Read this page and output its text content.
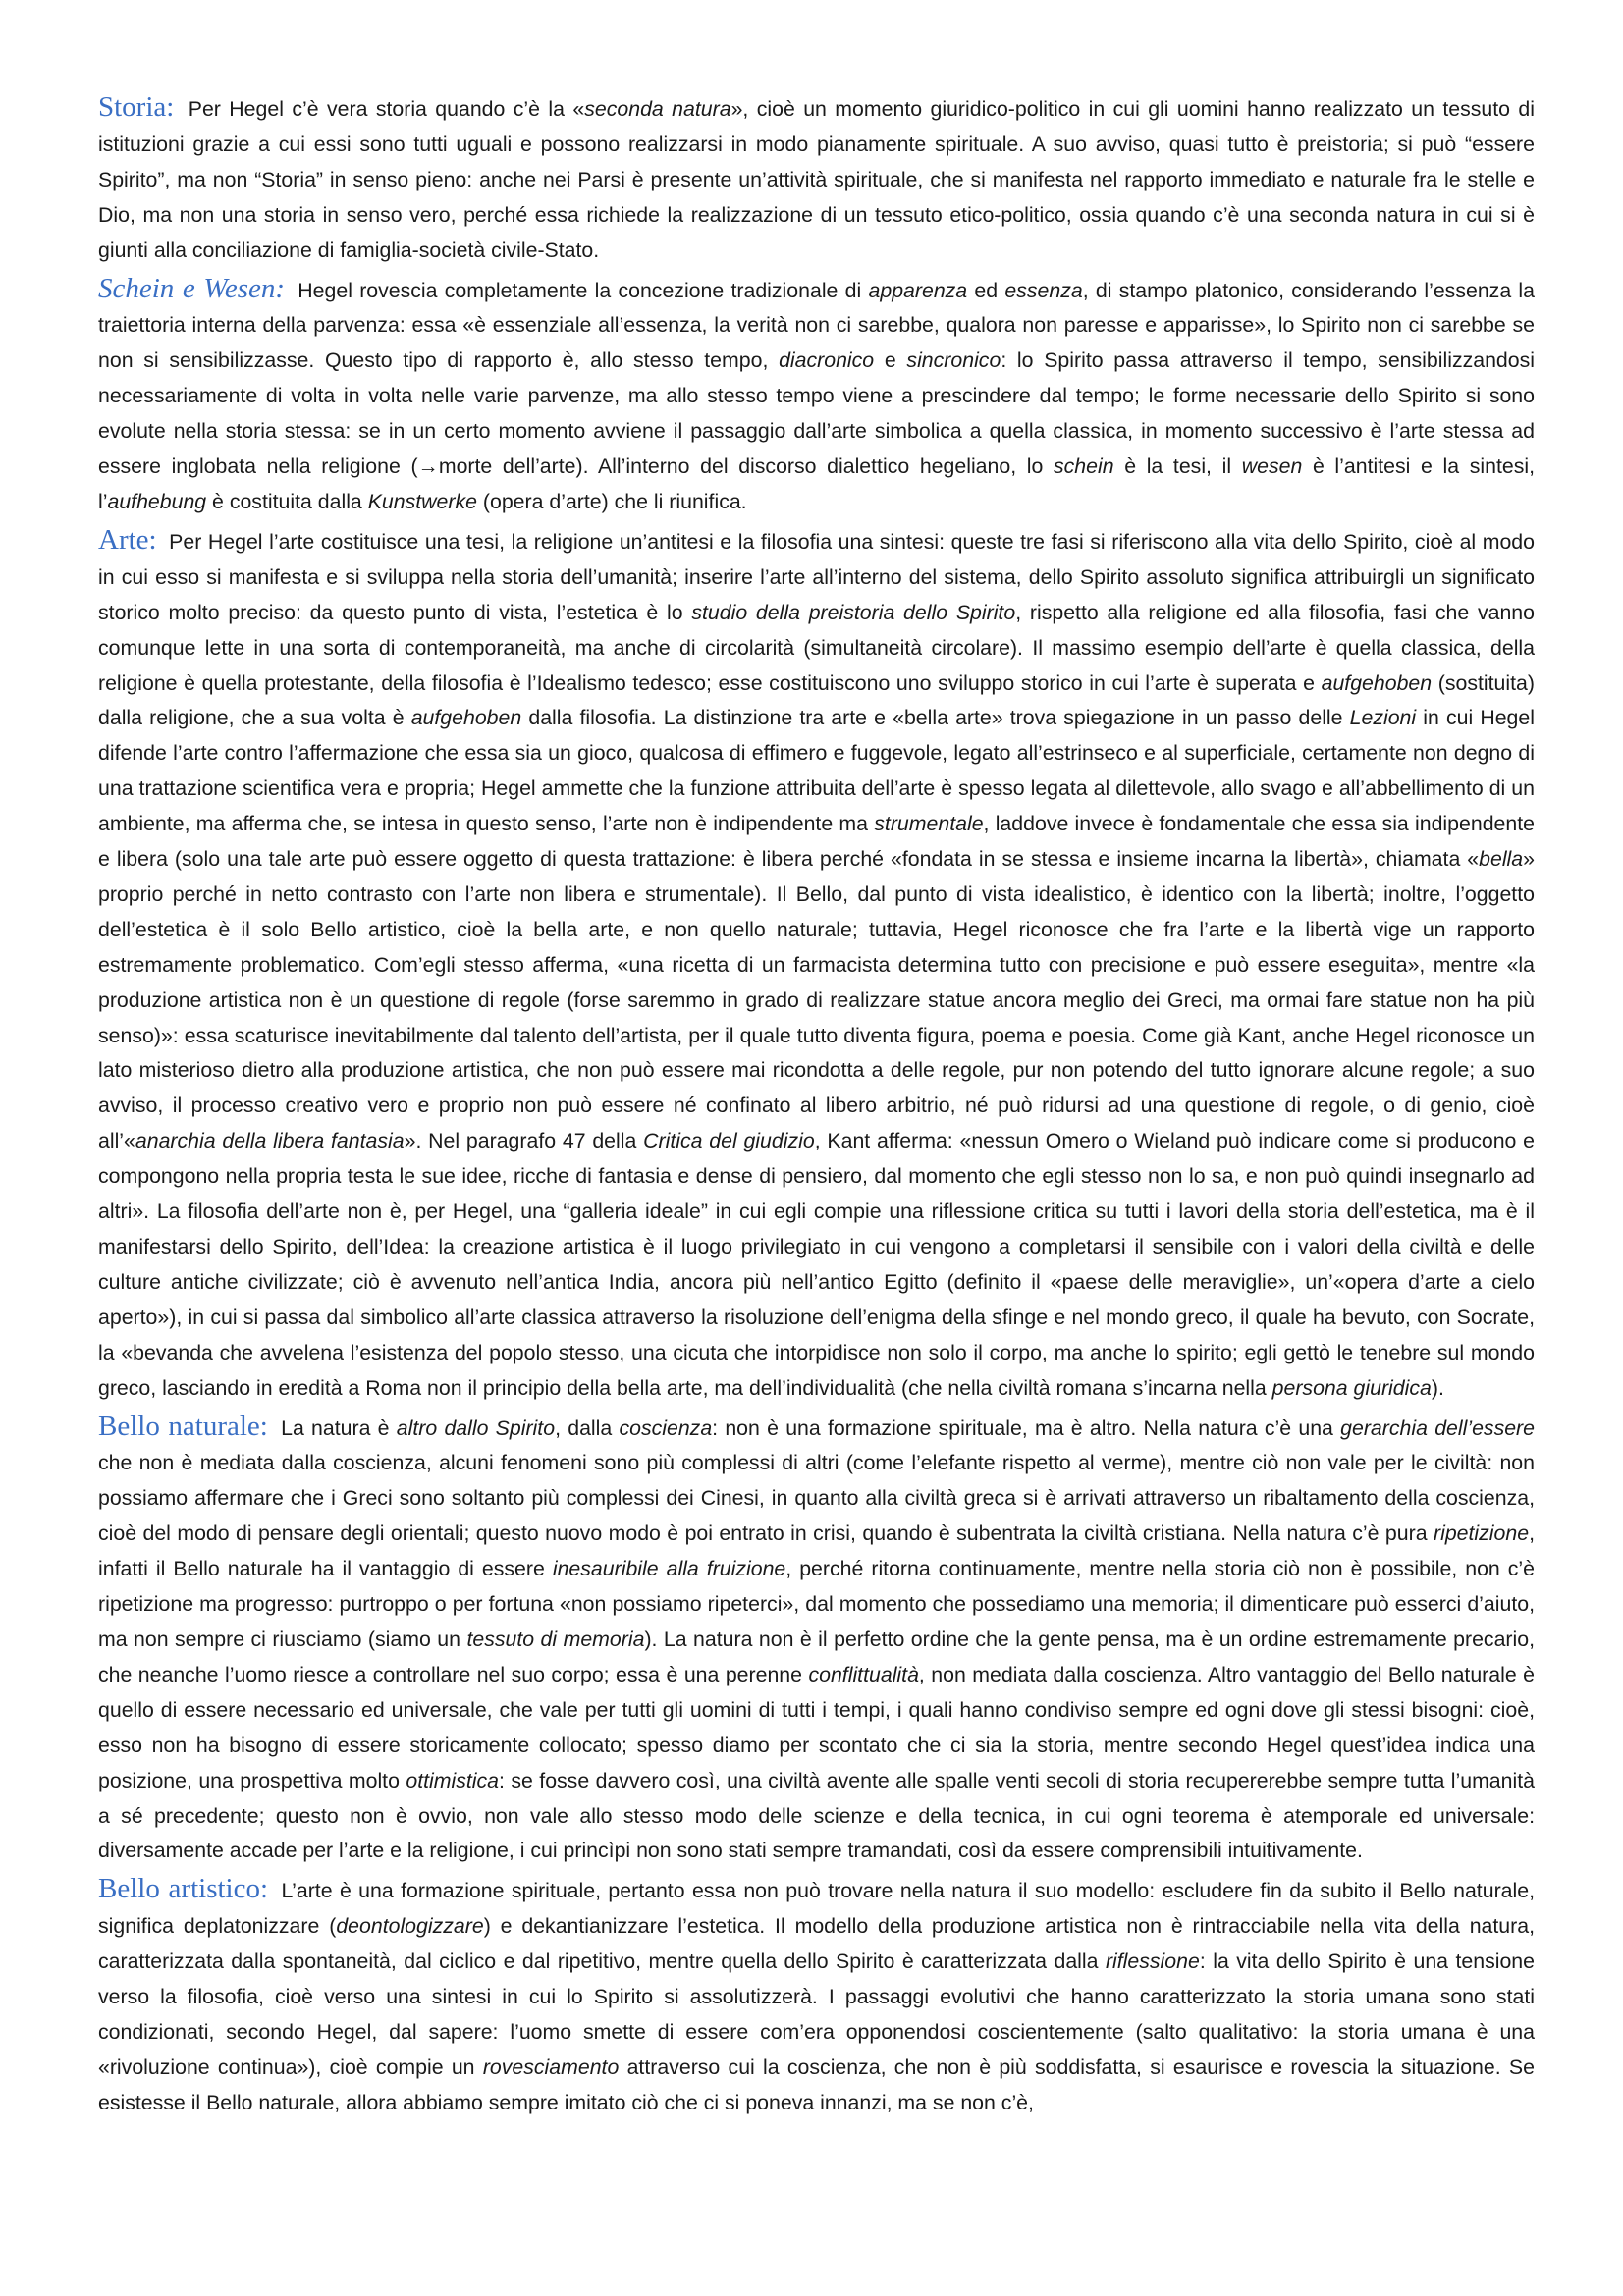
Storia: Per Hegel c’è vera storia quando c’è la «seconda natura», cioè un momento giuridico-politico in cui gli uomini hanno realizzato un tessuto di istituzioni grazie a cui essi sono tutti uguali e possono realizzarsi in modo pianamente spirituale. A suo avviso, quasi tutto è preistoria; si può “essere Spirito”, ma non “Storia” in senso pieno: anche nei Parsi è presente un’attività spirituale, che si manifesta nel rapporto immediato e naturale fra le stelle e Dio, ma non una storia in senso vero, perché essa richiede la realizzazione di un tessuto etico-politico, ossia quando c’è una seconda natura in cui si è giunti alla conciliazione di famiglia-società civile-Stato.

Schein e Wesen: Hegel rovescia completamente la concezione tradizionale di apparenza ed essenza, di stampo platonico, considerando l’essenza la traiettoria interna della parvenza: essa «è essenziale all’essenza, la verità non ci sarebbe, qualora non paresse e apparisse», lo Spirito non ci sarebbe se non si sensibilizzasse. Questo tipo di rapporto è, allo stesso tempo, diacronico e sincronico: lo Spirito passa attraverso il tempo, sensibilizzandosi necessariamente di volta in volta nelle varie parvenze, ma allo stesso tempo viene a prescindere dal tempo; le forme necessarie dello Spirito si sono evolute nella storia stessa: se in un certo momento avviene il passaggio dall’arte simbolica a quella classica, in momento successivo è l’arte stessa ad essere inglobata nella religione (→morte dell’arte). All’interno del discorso dialettico hegeliano, lo schein è la tesi, il wesen è l’antitesi e la sintesi, l’aufhebung è costituita dalla Kunstwerke (opera d’arte) che li riunifica.

Arte: Per Hegel l’arte costituisce una tesi, la religione un’antitesi e la filosofia una sintesi: queste tre fasi si riferiscono alla vita dello Spirito, cioè al modo in cui esso si manifesta e si sviluppa nella storia dell’umanità; inserire l’arte all’interno del sistema, dello Spirito assoluto significa attribuirgli un significato storico molto preciso: da questo punto di vista, l’estetica è lo studio della preistoria dello Spirito, rispetto alla religione ed alla filosofia, fasi che vanno comunque lette in una sorta di contemporaneità, ma anche di circolarità (simultaneità circolare). Il massimo esempio dell’arte è quella classica, della religione è quella protestante, della filosofia è l’Idealismo tedesco; esse costituiscono uno sviluppo storico in cui l’arte è superata e aufgehoben (sostituita) dalla religione, che a sua volta è aufgehoben dalla filosofia. La distinzione tra arte e «bella arte» trova spiegazione in un passo delle Lezioni in cui Hegel difende l’arte contro l’affermazione che essa sia un gioco, qualcosa di effimero e fuggevole, legato all’estrinseco e al superficiale, certamente non degno di una trattazione scientifica vera e propria; Hegel ammette che la funzione attribuita dell’arte è spesso legata al dilettevole, allo svago e all’abbellimento di un ambiente, ma afferma che, se intesa in questo senso, l’arte non è indipendente ma strumentale, laddove invece è fondamentale che essa sia indipendente e libera (solo una tale arte può essere oggetto di questa trattazione: è libera perché «fondata in se stessa e insieme incarna la libertà», chiamata «bella» proprio perché in netto contrasto con l’arte non libera e strumentale). Il Bello, dal punto di vista idealistico, è identico con la libertà; inoltre, l’oggetto dell’estetica è il solo Bello artistico, cioè la bella arte, e non quello naturale; tuttavia, Hegel riconosce che fra l’arte e la libertà vige un rapporto estremamente problematico. Com’egli stesso afferma, «una ricetta di un farmacista determina tutto con precisione e può essere eseguita», mentre «la produzione artistica non è un questione di regole (forse saremmo in grado di realizzare statue ancora meglio dei Greci, ma ormai fare statue non ha più senso)»: essa scaturisce inevitabilmente dal talento dell’artista, per il quale tutto diventa figura, poema e poesia. Come già Kant, anche Hegel riconosce un lato misterioso dietro alla produzione artistica, che non può essere mai ricondotta a delle regole, pur non potendo del tutto ignorare alcune regole; a suo avviso, il processo creativo vero e proprio non può essere né confinato al libero arbitrio, né può ridursi ad una questione di regole, o di genio, cioè all’«anarchia della libera fantasia». Nel paragrafo 47 della Critica del giudizio, Kant afferma: «nessun Omero o Wieland può indicare come si producono e compongono nella propria testa le sue idee, ricche di fantasia e dense di pensiero, dal momento che egli stesso non lo sa, e non può quindi insegnarlo ad altri». La filosofia dell’arte non è, per Hegel, una “galleria ideale” in cui egli compie una riflessione critica su tutti i lavori della storia dell’estetica, ma è il manifestarsi dello Spirito, dell’Idea: la creazione artistica è il luogo privilegiato in cui vengono a completarsi il sensibile con i valori della civiltà e delle culture antiche civilizzate; ciò è avvenuto nell’antica India, ancora più nell’antico Egitto (definito il «paese delle meraviglie», un’«opera d’arte a cielo aperto»), in cui si passa dal simbolico all’arte classica attraverso la risoluzione dell’enigma della sfinge e nel mondo greco, il quale ha bevuto, con Socrate, la «bevanda che avvelena l’esistenza del popolo stesso, una cicuta che intorpidisce non solo il corpo, ma anche lo spirito; egli gettò le tenebre sul mondo greco, lasciando in eredità a Roma non il principio della bella arte, ma dell’individualità (che nella civiltà romana s’incarna nella persona giuridica).

Bello naturale: La natura è altro dallo Spirito, dalla coscienza: non è una formazione spirituale, ma è altro. Nella natura c’è una gerarchia dell’essere che non è mediata dalla coscienza, alcuni fenomeni sono più complessi di altri (come l’elefante rispetto al verme), mentre ciò non vale per le civiltà: non possiamo affermare che i Greci sono soltanto più complessi dei Cinesi, in quanto alla civiltà greca si è arrivati attraverso un ribaltamento della coscienza, cioè del modo di pensare degli orientali; questo nuovo modo è poi entrato in crisi, quando è subentrata la civiltà cristiana. Nella natura c’è pura ripetizione, infatti il Bello naturale ha il vantaggio di essere inesauribile alla fruizione, perché ritorna continuamente, mentre nella storia ciò non è possibile, non c’è ripetizione ma progresso: purtroppo o per fortuna «non possiamo ripeterci», dal momento che possediamo una memoria; il dimenticare può esserci d’aiuto, ma non sempre ci riusciamo (siamo un tessuto di memoria). La natura non è il perfetto ordine che la gente pensa, ma è un ordine estremamente precario, che neanche l’uomo riesce a controllare nel suo corpo; essa è una perenne conflittualità, non mediata dalla coscienza. Altro vantaggio del Bello naturale è quello di essere necessario ed universale, che vale per tutti gli uomini di tutti i tempi, i quali hanno condiviso sempre ed ogni dove gli stessi bisogni: cioè, esso non ha bisogno di essere storicamente collocato; spesso diamo per scontato che ci sia la storia, mentre secondo Hegel quest’idea indica una posizione, una prospettiva molto ottimistica: se fosse davvero così, una civiltà avente alle spalle venti secoli di storia recupererebbe sempre tutta l’umanità a sé precedente; questo non è ovvio, non vale allo stesso modo delle scienze e della tecnica, in cui ogni teorema è atemporale ed universale: diversamente accade per l’arte e la religione, i cui princìpi non sono stati sempre tramandati, così da essere comprensibili intuitivamente.

Bello artistico: L’arte è una formazione spirituale, pertanto essa non può trovare nella natura il suo modello: escludere fin da subito il Bello naturale, significa deplatonizzare (deontologizzare) e dekantianizzare l’estetica. Il modello della produzione artistica non è rintracciabile nella vita della natura, caratterizzata dalla spontaneità, dal ciclico e dal ripetitivo, mentre quella dello Spirito è caratterizzata dalla riflessione: la vita dello Spirito è una tensione verso la filosofia, cioè verso una sintesi in cui lo Spirito si assolutizzerà. I passaggi evolutivi che hanno caratterizzato la storia umana sono stati condizionati, secondo Hegel, dal sapere: l’uomo smette di essere com’era opponendosi coscientemente (salto qualitativo: la storia umana è una «rivoluzione continua»), cioè compie un rovesciamento attraverso cui la coscienza, che non è più soddisfatta, si esaurisce e rovescia la situazione. Se esistesse il Bello naturale, allora abbiamo sempre imitato ciò che ci si poneva innanzi, ma se non c’è,
